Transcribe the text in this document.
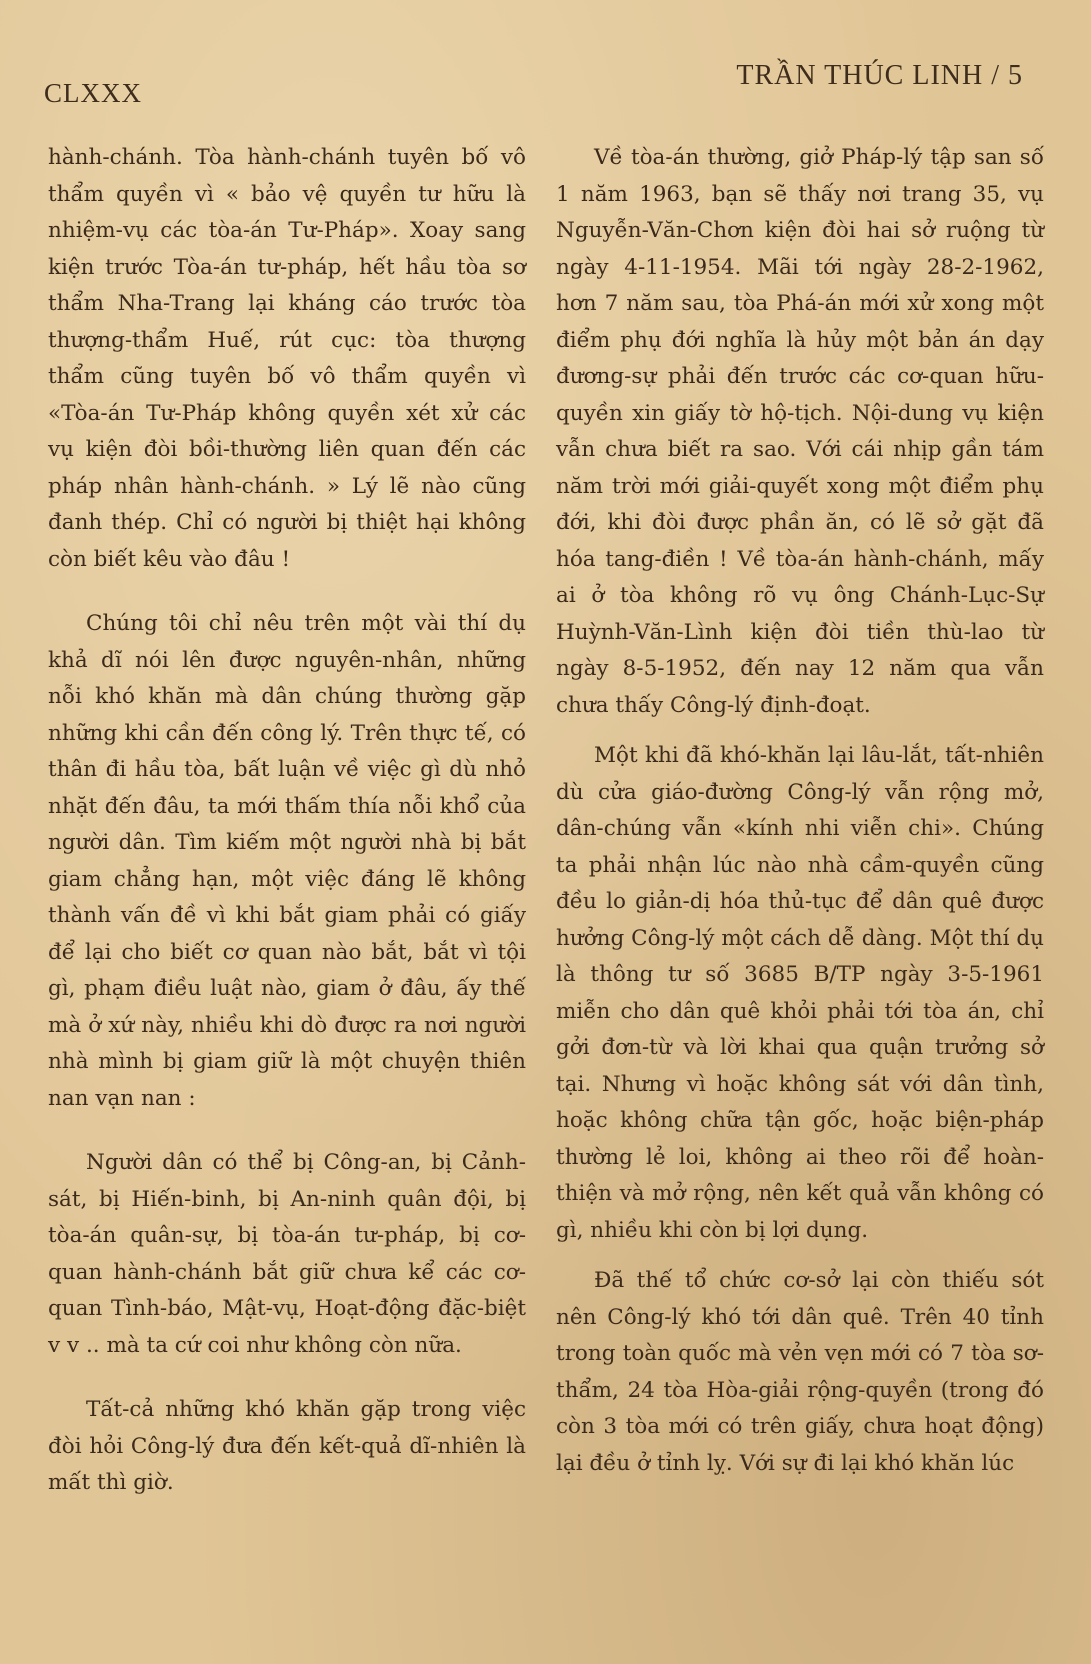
CLXXX
TRẦN THÚC LINH / 5

hành-chánh. Tòa hành-chánh tuyên bố vô thẩm quyền vì « bảo vệ quyền tư hữu là nhiệm-vụ các tòa-án Tư-Pháp». Xoay sang kiện trước Tòa-án tư-pháp, hết hầu tòa sơ thẩm Nha-Trang lại kháng cáo trước tòa thượng-thẩm Huế, rút cục: tòa thượng thẩm cũng tuyên bố vô thẩm quyền vì «Tòa-án Tư-Pháp không quyền xét xử các vụ kiện đòi bồi-thường liên quan đến các pháp nhân hành-chánh. » Lý lẽ nào cũng đanh thép. Chỉ có người bị thiệt hại không còn biết kêu vào đâu !

Chúng tôi chỉ nêu trên một vài thí dụ khả dĩ nói lên được nguyên-nhân, những nỗi khó khăn mà dân chúng thường gặp những khi cần đến công lý. Trên thực tế, có thân đi hầu tòa, bất luận về việc gì dù nhỏ nhặt đến đâu, ta mới thấm thía nỗi khổ của người dân. Tìm kiếm một người nhà bị bắt giam chẳng hạn, một việc đáng lẽ không thành vấn đề vì khi bắt giam phải có giấy để lại cho biết cơ quan nào bắt, bắt vì tội gì, phạm điều luật nào, giam ở đâu, ấy thế mà ở xứ này, nhiều khi dò được ra nơi người nhà mình bị giam giữ là một chuyện thiên nan vạn nan :

Người dân có thể bị Công-an, bị Cảnh-sát, bị Hiến-binh, bị An-ninh quân đội, bị tòa-án quân-sự, bị tòa-án tư-pháp, bị cơ-quan hành-chánh bắt giữ chưa kể các cơ-quan Tình-báo, Mật-vụ, Hoạt-động đặc-biệt v v .. mà ta cứ coi như không còn nữa.

Tất-cả những khó khăn gặp trong việc đòi hỏi Công-lý đưa đến kết-quả dĩ-nhiên là mất thì giờ.

Về tòa-án thường, giở Pháp-lý tập san số 1 năm 1963, bạn sẽ thấy nơi trang 35, vụ Nguyễn-Văn-Chơn kiện đòi hai sở ruộng từ ngày 4-11-1954. Mãi tới ngày 28-2-1962, hơn 7 năm sau, tòa Phá-án mới xử xong một điểm phụ đới nghĩa là hủy một bản án dạy đương-sự phải đến trước các cơ-quan hữu-quyền xin giấy tờ hộ-tịch. Nội-dung vụ kiện vẫn chưa biết ra sao. Với cái nhịp gần tám năm trời mới giải-quyết xong một điểm phụ đới, khi đòi được phần ăn, có lẽ sở gặt đã hóa tang-điền ! Về tòa-án hành-chánh, mấy ai ở tòa không rõ vụ ông Chánh-Lục-Sự Huỳnh-Văn-Lình kiện đòi tiền thù-lao từ ngày 8-5-1952, đến nay 12 năm qua vẫn chưa thấy Công-lý định-đoạt.

Một khi đã khó-khăn lại lâu-lắt, tất-nhiên dù cửa giáo-đường Công-lý vẫn rộng mở, dân-chúng vẫn «kính nhi viễn chi». Chúng ta phải nhận lúc nào nhà cầm-quyền cũng đều lo giản-dị hóa thủ-tục để dân quê được hưởng Công-lý một cách dễ dàng. Một thí dụ là thông tư số 3685 B/TP ngày 3-5-1961 miễn cho dân quê khỏi phải tới tòa án, chỉ gởi đơn-từ và lời khai qua quận trưởng sở tại. Nhưng vì hoặc không sát với dân tình, hoặc không chữa tận gốc, hoặc biện-pháp thường lẻ loi, không ai theo rõi để hoàn-thiện và mở rộng, nên kết quả vẫn không có gì, nhiều khi còn bị lợi dụng.

Đã thế tổ chức cơ-sở lại còn thiếu sót nên Công-lý khó tới dân quê. Trên 40 tỉnh trong toàn quốc mà vẻn vẹn mới có 7 tòa sơ-thẩm, 24 tòa Hòa-giải rộng-quyền (trong đó còn 3 tòa mới có trên giấy, chưa hoạt động) lại đều ở tỉnh lỵ. Với sự đi lại khó khăn lúc
